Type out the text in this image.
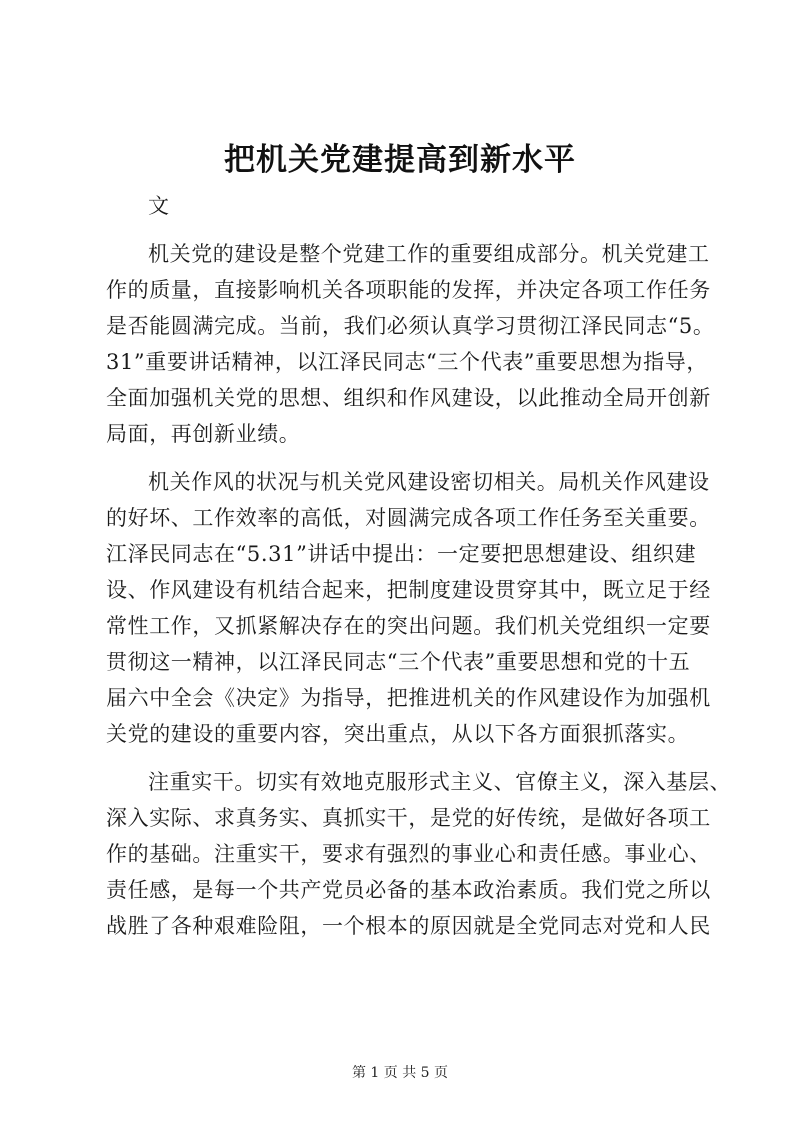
把机关党建提高到新水平
文
机关党的建设是整个党建工作的重要组成部分。机关党建工
作的质量，直接影响机关各项职能的发挥，并决定各项工作任务
是否能圆满完成。当前，我们必须认真学习贯彻江泽民同志“5。
31”重要讲话精神，以江泽民同志“三个代表”重要思想为指导，
全面加强机关党的思想、组织和作风建设，以此推动全局开创新
局面，再创新业绩。
机关作风的状况与机关党风建设密切相关。局机关作风建设
的好坏、工作效率的高低，对圆满完成各项工作任务至关重要。
江泽民同志在“5.31”讲话中提出：一定要把思想建设、组织建
设、作风建设有机结合起来，把制度建设贯穿其中，既立足于经
常性工作，又抓紧解决存在的突出问题。我们机关党组织一定要
贯彻这一精神，以江泽民同志“三个代表”重要思想和党的十五
届六中全会《决定》为指导，把推进机关的作风建设作为加强机
关党的建设的重要内容，突出重点，从以下各方面狠抓落实。
注重实干。切实有效地克服形式主义、官僚主义，深入基层、
深入实际、求真务实、真抓实干，是党的好传统，是做好各项工
作的基础。注重实干，要求有强烈的事业心和责任感。事业心、
责任感，是每一个共产党员必备的基本政治素质。我们党之所以
战胜了各种艰难险阻，一个根本的原因就是全党同志对党和人民
第 1 页 共 5 页
